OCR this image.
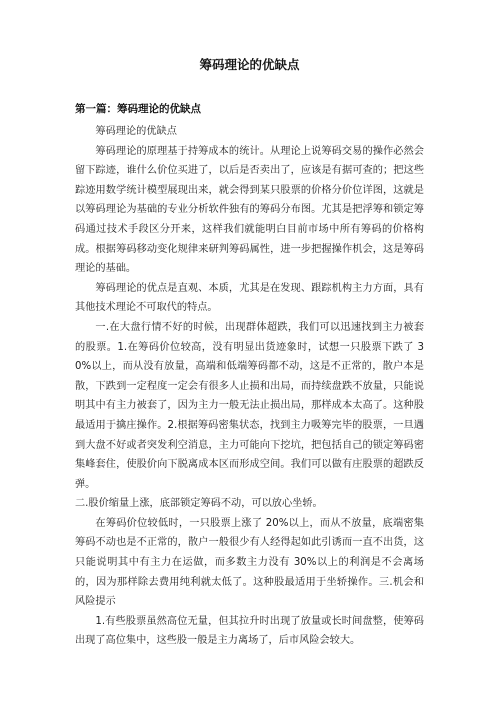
筹码理论的优缺点
第一篇：筹码理论的优缺点

筹码理论的优缺点

筹码理论的原理基于持筹成本的统计。从理论上说筹码交易的操作必然会留下踪迹，谁什么价位买进了，以后是否卖出了，应该是有据可查的；把这些踪迹用数学统计模型展现出来，就会得到某只股票的价格分价位详图，这就是以筹码理论为基础的专业分析软件独有的筹码分布图。尤其是把浮筹和锁定筹码通过技术手段区分开来，这样我们就能明白目前市场中所有筹码的价格构成。根据筹码移动变化规律来研判筹码属性，进一步把握操作机会，这是筹码理论的基础。

筹码理论的优点是直观、本质，尤其是在发现、跟踪机构主力方面，具有其他技术理论不可取代的特点。

一.在大盘行情不好的时候，出现群体超跌，我们可以迅速找到主力被套的股票。1.在筹码价位较高，没有明显出货迹象时，试想一只股票下跌了 30%以上，而从没有放量，高端和低端筹码都不动，这是不正常的，散户本是散，下跌到一定程度一定会有很多人止损和出局，而持续盘跌不放量，只能说明其中有主力被套了，因为主力一般无法止损出局，那样成本太高了。这种股最适用于擒庄操作。2.根据筹码密集状态，找到主力吸筹完毕的股票，一旦遇到大盘不好或者突发利空消息，主力可能向下挖坑，把包括自己的锁定筹码密集峰套住，使股价向下脱离成本区而形成空间。我们可以做有庄股票的超跌反弹。

二.股价缩量上涨，底部锁定筹码不动，可以放心坐轿。

在筹码价位较低时，一只股票上涨了 20%以上，而从不放量，底端密集筹码不动也是不正常的，散户一般很少有人经得起如此引诱而一直不出货，这只能说明其中有主力在运做，而多数主力没有 30%以上的利润是不会离场的，因为那样除去费用纯利就太低了。这种股最适用于坐轿操作。三.机会和风险提示

1.有些股票虽然高位无量，但其拉升时出现了放量或长时间盘整，使筹码出现了高位集中，这些股一般是主力离场了，后市风险会较大。
